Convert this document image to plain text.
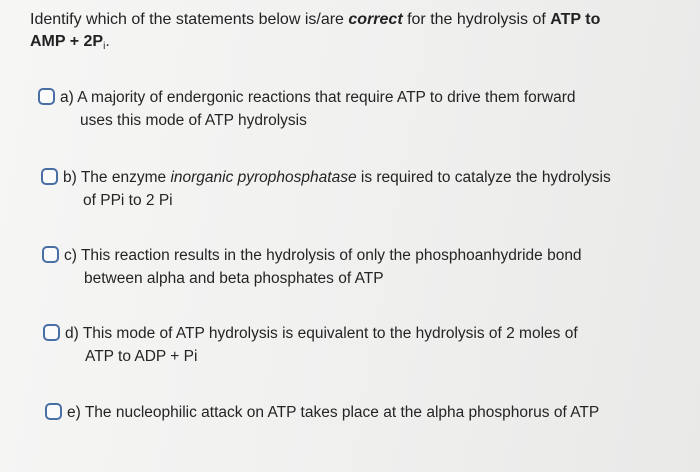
Identify which of the statements below is/are correct for the hydrolysis of ATP to
AMP + $2P_i$.
a) A majority of endergonic reactions that require ATP to drive them forward
uses this mode of ATP hydrolysis
b) The enzyme inorganic pyrophosphatase is required to catalyze the hydrolysis
of PPi to 2 Pi
c) This reaction results in the hydrolysis of only the phosphoanhydride bond
between alpha and beta phosphates of ATP
d) This mode of ATP hydrolysis is equivalent to the hydrolysis of 2 moles of
ATP to ADP + Pi
e) The nucleophilic attack on ATP takes place at the alpha phosphorus of ATP
